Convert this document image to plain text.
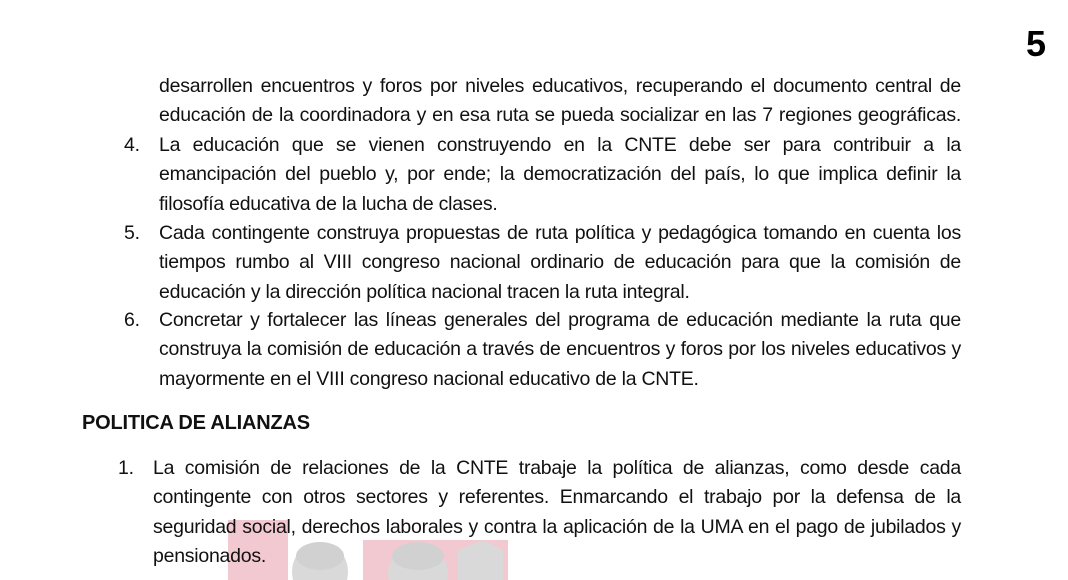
5
desarrollen encuentros y foros por niveles educativos, recuperando el documento central de educación de la coordinadora y en esa ruta se pueda socializar en las 7 regiones geográficas.
4. La educación que se vienen construyendo en la CNTE debe ser para contribuir a la emancipación del pueblo y, por ende; la democratización del país, lo que implica definir la filosofía educativa de la lucha de clases.
5. Cada contingente construya propuestas de ruta política y pedagógica tomando en cuenta los tiempos rumbo al VIII congreso nacional ordinario de educación para que la comisión de educación y la dirección política nacional tracen la ruta integral.
6. Concretar y fortalecer las líneas generales del programa de educación mediante la ruta que construya la comisión de educación a través de encuentros y foros por los niveles educativos y mayormente en el VIII congreso nacional educativo de la CNTE.
POLITICA DE ALIANZAS
1. La comisión de relaciones de la CNTE trabaje la política de alianzas, como desde cada contingente con otros sectores y referentes. Enmarcando el trabajo por la defensa de la seguridad social, derechos laborales y contra la aplicación de la UMA en el pago de jubilados y pensionados.
